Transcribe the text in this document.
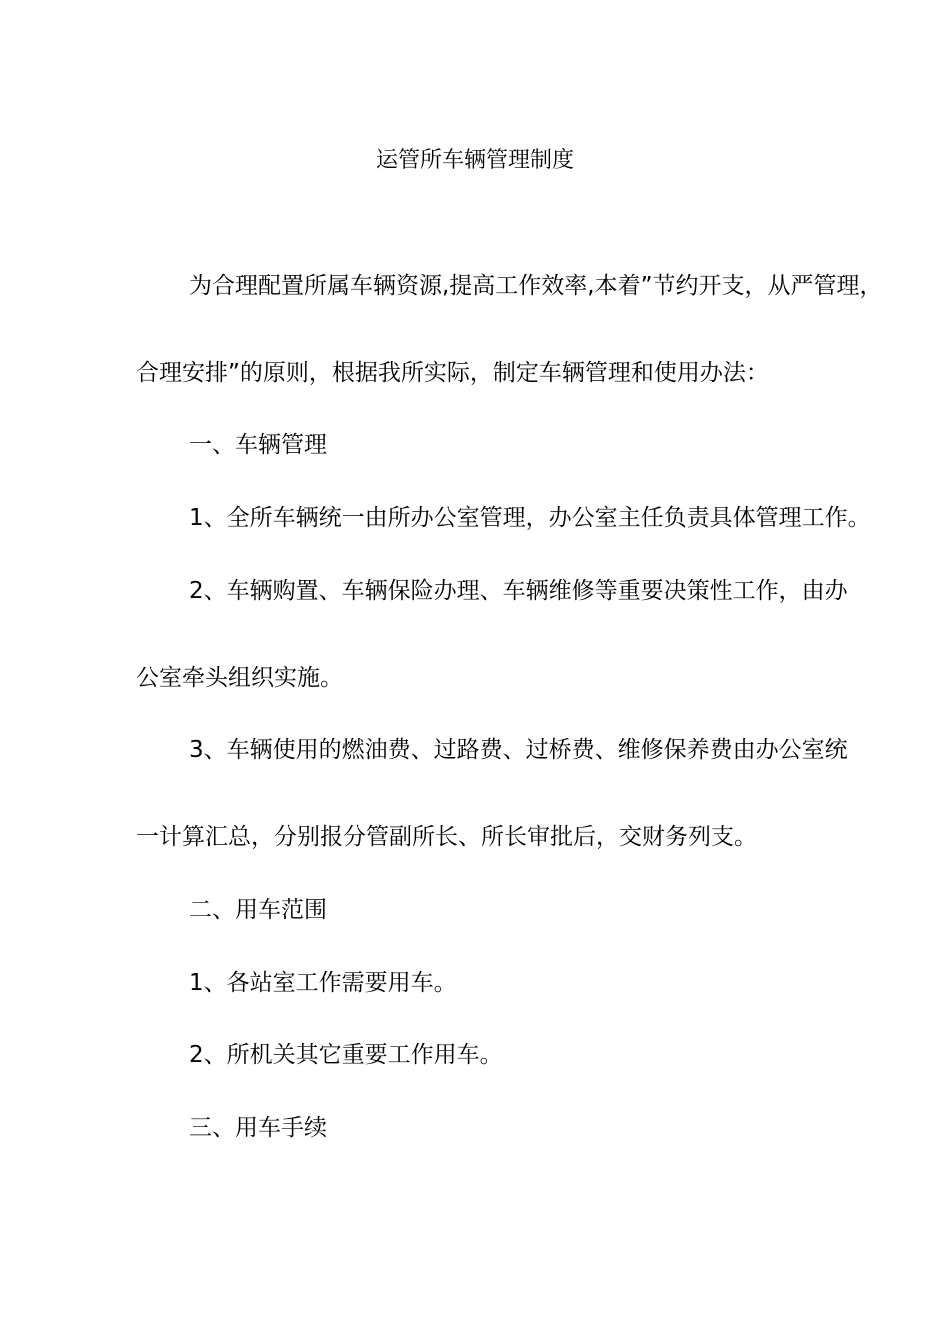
运管所车辆管理制度
为合理配置所属车辆资源,提高工作效率,本着”节约开支，从严管理，
合理安排”的原则，根据我所实际，制定车辆管理和使用办法：
一、车辆管理
1、全所车辆统一由所办公室管理，办公室主任负责具体管理工作。
2、车辆购置、车辆保险办理、车辆维修等重要决策性工作，由办
公室牵头组织实施。
3、车辆使用的燃油费、过路费、过桥费、维修保养费由办公室统
一计算汇总，分别报分管副所长、所长审批后，交财务列支。
二、用车范围
1、各站室工作需要用车。
2、所机关其它重要工作用车。
三、用车手续
